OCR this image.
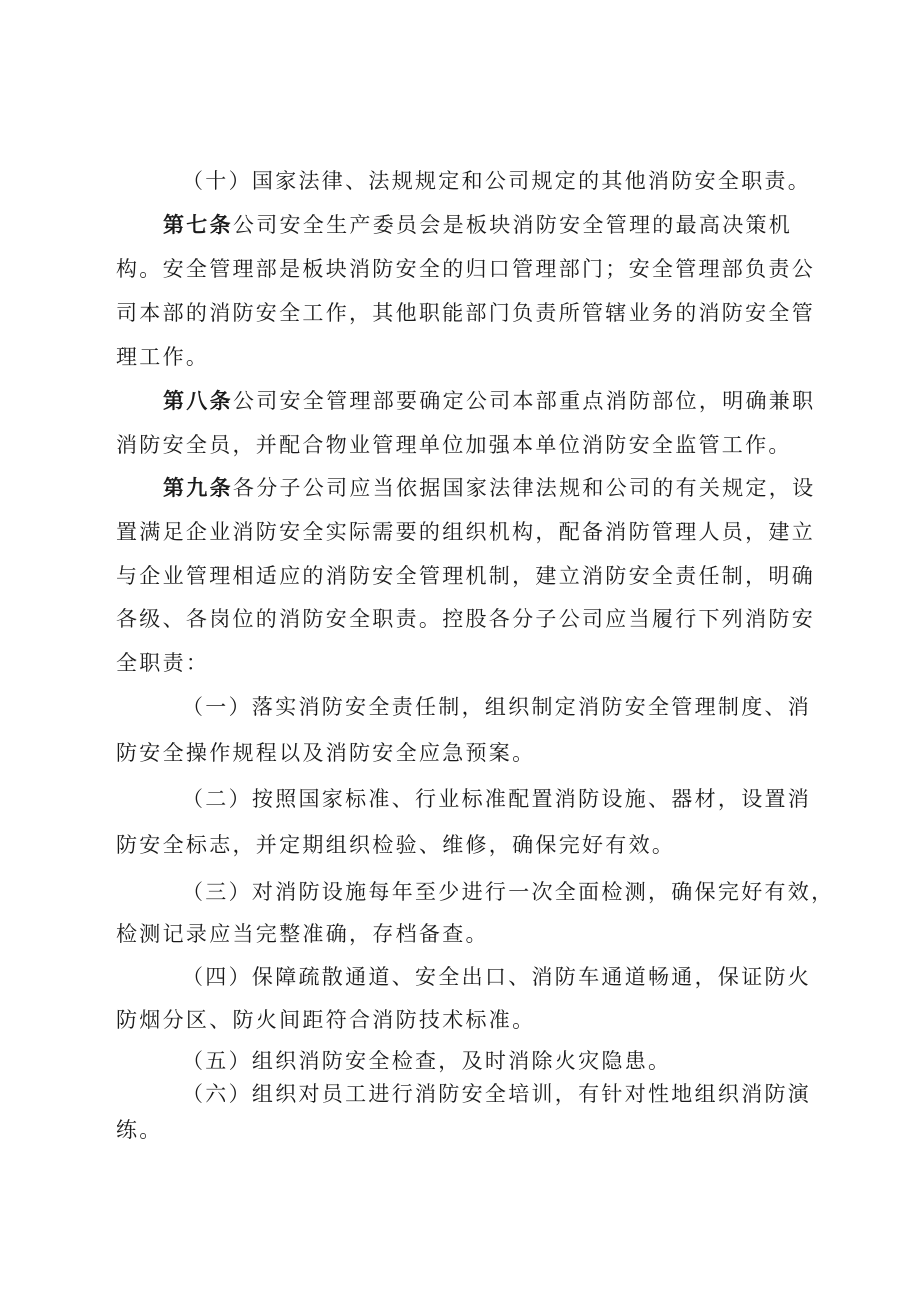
（十）国家法律、法规规定和公司规定的其他消防安全职责。
第七条公司安全生产委员会是板块消防安全管理的最高决策机
构。安全管理部是板块消防安全的归口管理部门；安全管理部负责公
司本部的消防安全工作，其他职能部门负责所管辖业务的消防安全管
理工作。
第八条公司安全管理部要确定公司本部重点消防部位，明确兼职
消防安全员，并配合物业管理单位加强本单位消防安全监管工作。
第九条各分子公司应当依据国家法律法规和公司的有关规定，设
置满足企业消防安全实际需要的组织机构，配备消防管理人员，建立
与企业管理相适应的消防安全管理机制，建立消防安全责任制，明确
各级、各岗位的消防安全职责。控股各分子公司应当履行下列消防安
全职责：
（一）落实消防安全责任制，组织制定消防安全管理制度、消
防安全操作规程以及消防安全应急预案。
（二）按照国家标准、行业标准配置消防设施、器材，设置消
防安全标志，并定期组织检验、维修，确保完好有效。
（三）对消防设施每年至少进行一次全面检测，确保完好有效，
检测记录应当完整准确，存档备查。
（四）保障疏散通道、安全出口、消防车通道畅通，保证防火
防烟分区、防火间距符合消防技术标准。
（五）组织消防安全检查，及时消除火灾隐患。
（六）组织对员工进行消防安全培训，有针对性地组织消防演
练。
